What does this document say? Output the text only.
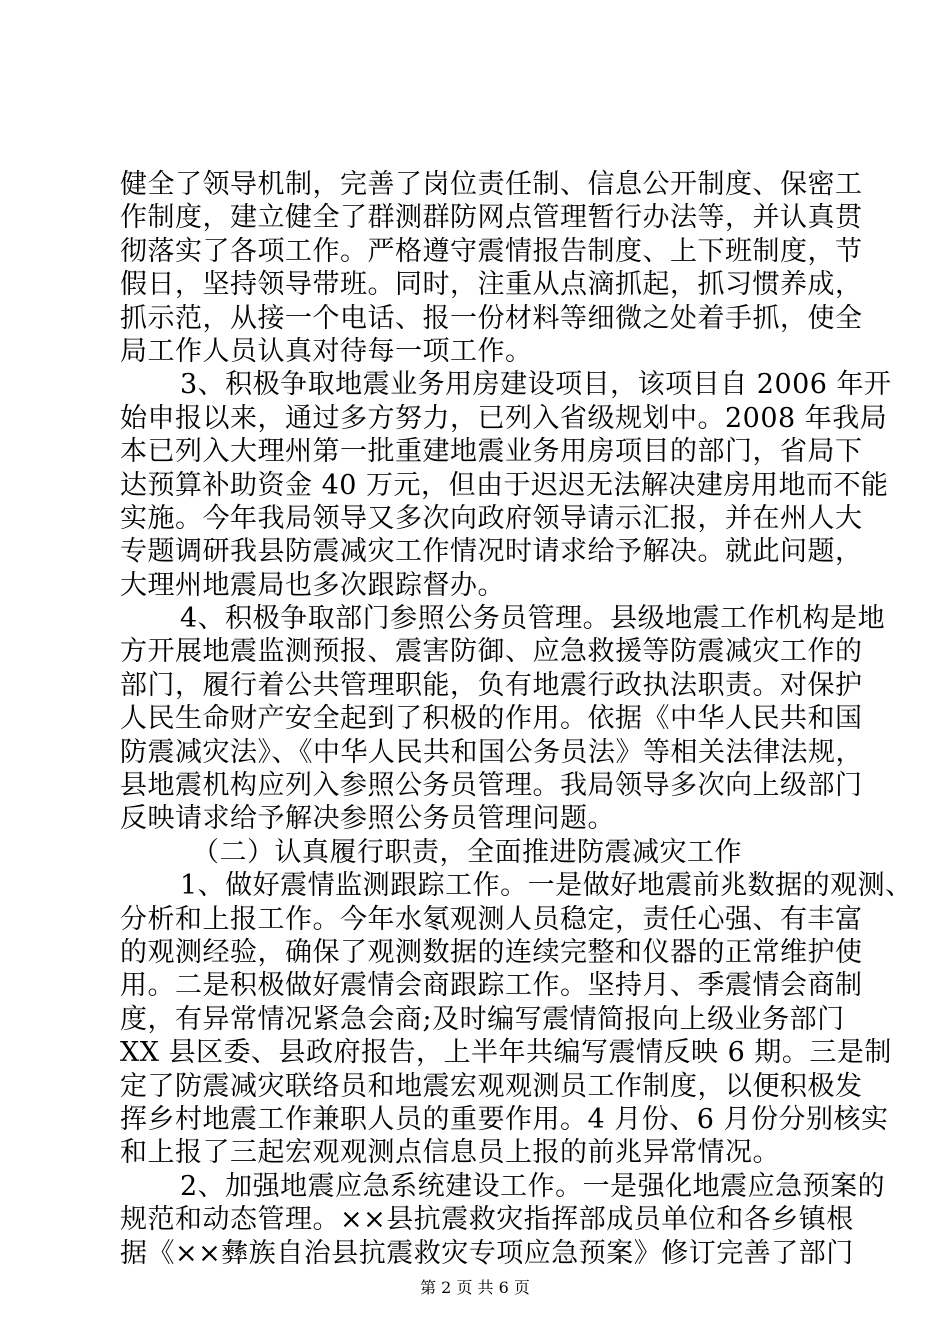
健全了领导机制，完善了岗位责任制、信息公开制度、保密工
作制度，建立健全了群测群防网点管理暂行办法等，并认真贯
彻落实了各项工作。严格遵守震情报告制度、上下班制度，节
假日，坚持领导带班。同时，注重从点滴抓起，抓习惯养成，
抓示范，从接一个电话、报一份材料等细微之处着手抓，使全
局工作人员认真对待每一项工作。
3、积极争取地震业务用房建设项目，该项目自 2006 年开
始申报以来，通过多方努力，已列入省级规划中。2008 年我局
本已列入大理州第一批重建地震业务用房项目的部门，省局下
达预算补助资金 40 万元，但由于迟迟无法解决建房用地而不能
实施。今年我局领导又多次向政府领导请示汇报，并在州人大
专题调研我县防震减灾工作情况时请求给予解决。就此问题，
大理州地震局也多次跟踪督办。
4、积极争取部门参照公务员管理。县级地震工作机构是地
方开展地震监测预报、震害防御、应急救援等防震减灾工作的
部门，履行着公共管理职能，负有地震行政执法职责。对保护
人民生命财产安全起到了积极的作用。依据《中华人民共和国
防震减灾法》、《中华人民共和国公务员法》等相关法律法规，
县地震机构应列入参照公务员管理。我局领导多次向上级部门
反映请求给予解决参照公务员管理问题。
（二）认真履行职责，全面推进防震减灾工作
1、做好震情监测跟踪工作。一是做好地震前兆数据的观测、
分析和上报工作。今年水氡观测人员稳定，责任心强、有丰富
的观测经验，确保了观测数据的连续完整和仪器的正常维护使
用。二是积极做好震情会商跟踪工作。坚持月、季震情会商制
度，有异常情况紧急会商;及时编写震情简报向上级业务部门
XX 县区委、县政府报告，上半年共编写震情反映 6 期。三是制
定了防震减灾联络员和地震宏观观测员工作制度，以便积极发
挥乡村地震工作兼职人员的重要作用。4 月份、6 月份分别核实
和上报了三起宏观观测点信息员上报的前兆异常情况。
2、加强地震应急系统建设工作。一是强化地震应急预案的
规范和动态管理。××县抗震救灾指挥部成员单位和各乡镇根
据《××彝族自治县抗震救灾专项应急预案》修订完善了部门
第 2 页 共 6 页
